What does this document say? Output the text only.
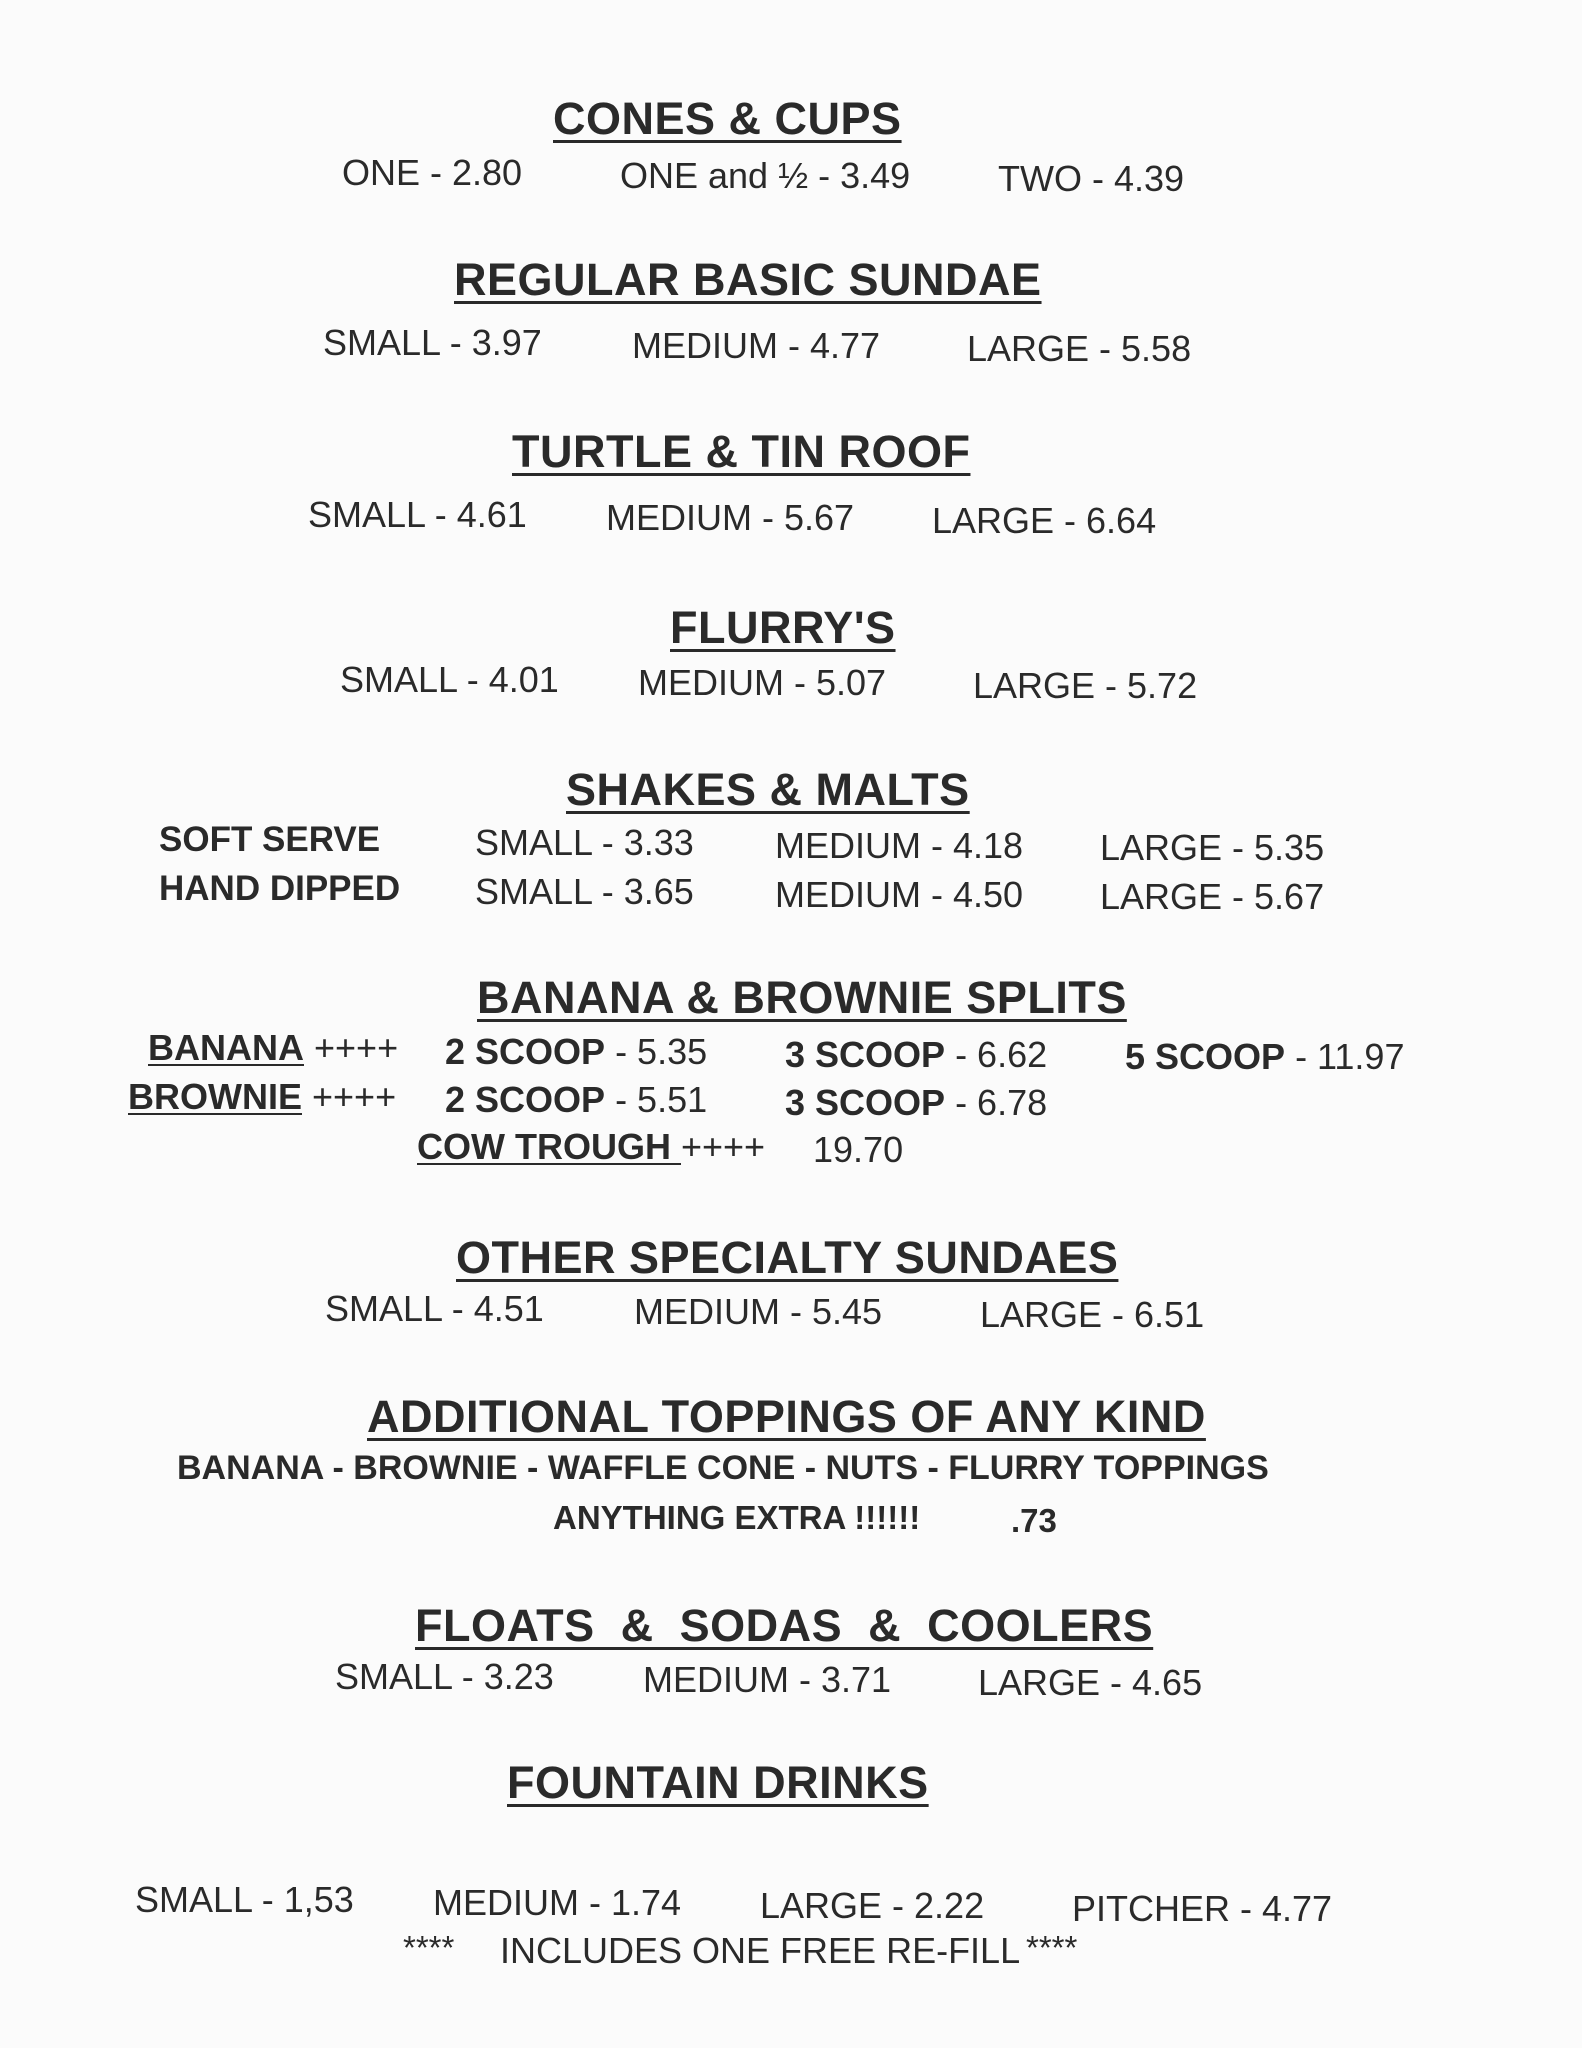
CONES & CUPS
ONE - 2.80	ONE and ½ - 3.49 TWO - 4.39
REGULAR BASIC SUNDAE
SMALL - 3.97	MEDIUM - 4.77 LARGE - 5.58
TURTLE & TIN ROOF
SMALL - 4.61 MEDIUM - 5.67 LARGE - 6.64
FLURRY'S
SMALL - 4.01 MEDIUM - 5.07 LARGE - 5.72
SHAKES & MALTS
SOFT SERVE	SMALL - 3.33 MEDIUM - 4.18 LARGE - 5.35
HAND DIPPED SMALL - 3.65 MEDIUM - 4.50 LARGE - 5.67
BANANA & BROWNIE SPLITS
BANANA ++++ 2 SCOOP - 5.35 3 SCOOP - 6.62 5 SCOOP - 11.97
BROWNIE ++++ 2 SCOOP - 5.51 3 SCOOP - 6.78
COW TROUGH ++++ 19.70
OTHER SPECIALTY SUNDAES
SMALL - 4.51	MEDIUM - 5.45	LARGE - 6.51
ADDITIONAL TOPPINGS OF ANY KIND
BANANA - BROWNIE - WAFFLE CONE - NUTS - FLURRY TOPPINGS
ANYTHING EXTRA !!!!!!	.73
FLOATS  &  SODAS  &  COOLERS
SMALL - 3.23 MEDIUM - 3.71 LARGE - 4.65
FOUNTAIN DRINKS
SMALL - 1,53 MEDIUM - 1.74 LARGE - 2.22 PITCHER - 4.77
**** INCLUDES ONE FREE RE-FILL ****
